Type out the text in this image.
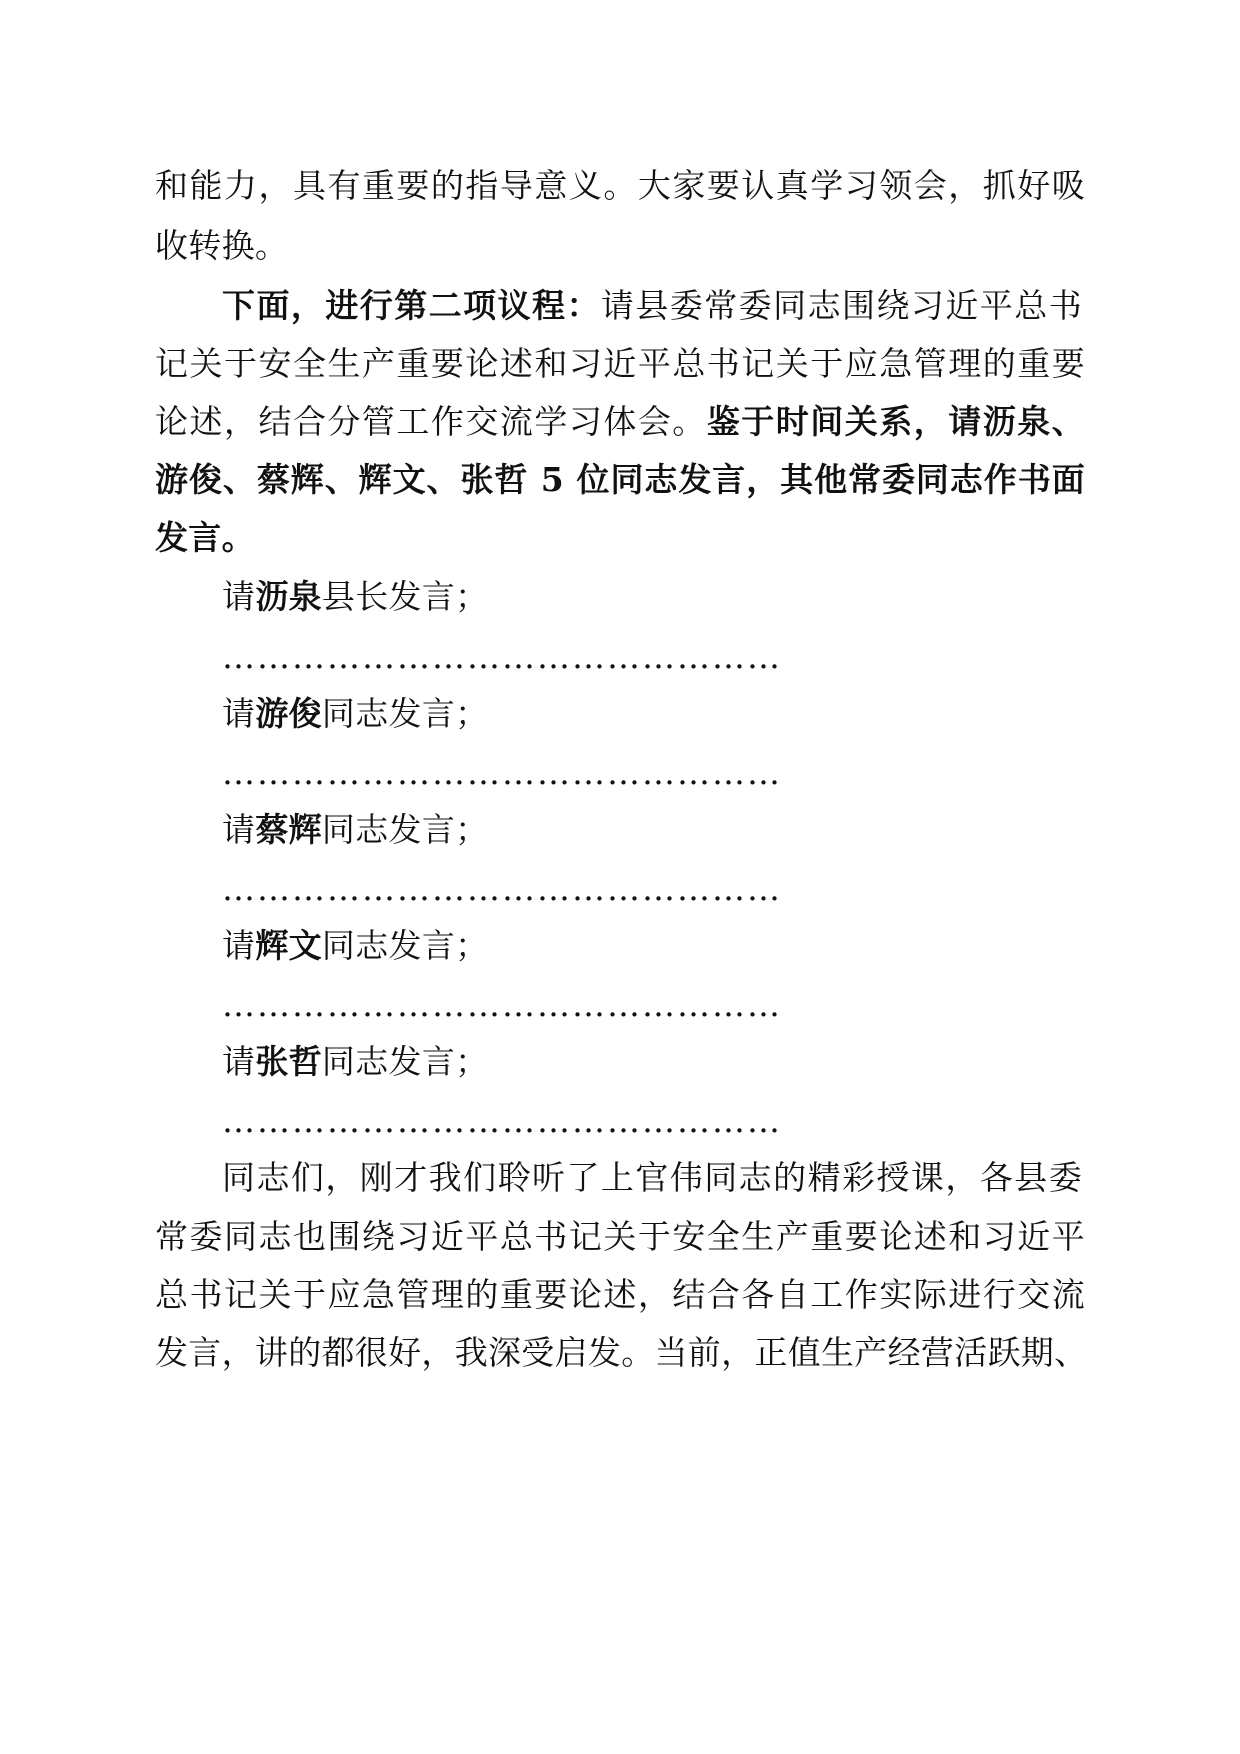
和能力，具有重要的指导意义。大家要认真学习领会，抓好吸
收转换。
下面，进行第二项议程：请县委常委同志围绕习近平总书
记关于安全生产重要论述和习近平总书记关于应急管理的重要
论述，结合分管工作交流学习体会。鉴于时间关系，请沥泉、
游俊、蔡辉、辉文、张哲 5 位同志发言，其他常委同志作书面
发言。
请沥泉县长发言；
…………………………………………
请游俊同志发言；
…………………………………………
请蔡辉同志发言；
…………………………………………
请辉文同志发言；
…………………………………………
请张哲同志发言；
…………………………………………
同志们，刚才我们聆听了上官伟同志的精彩授课，各县委
常委同志也围绕习近平总书记关于安全生产重要论述和习近平
总书记关于应急管理的重要论述，结合各自工作实际进行交流
发言，讲的都很好，我深受启发。当前，正值生产经营活跃期、
